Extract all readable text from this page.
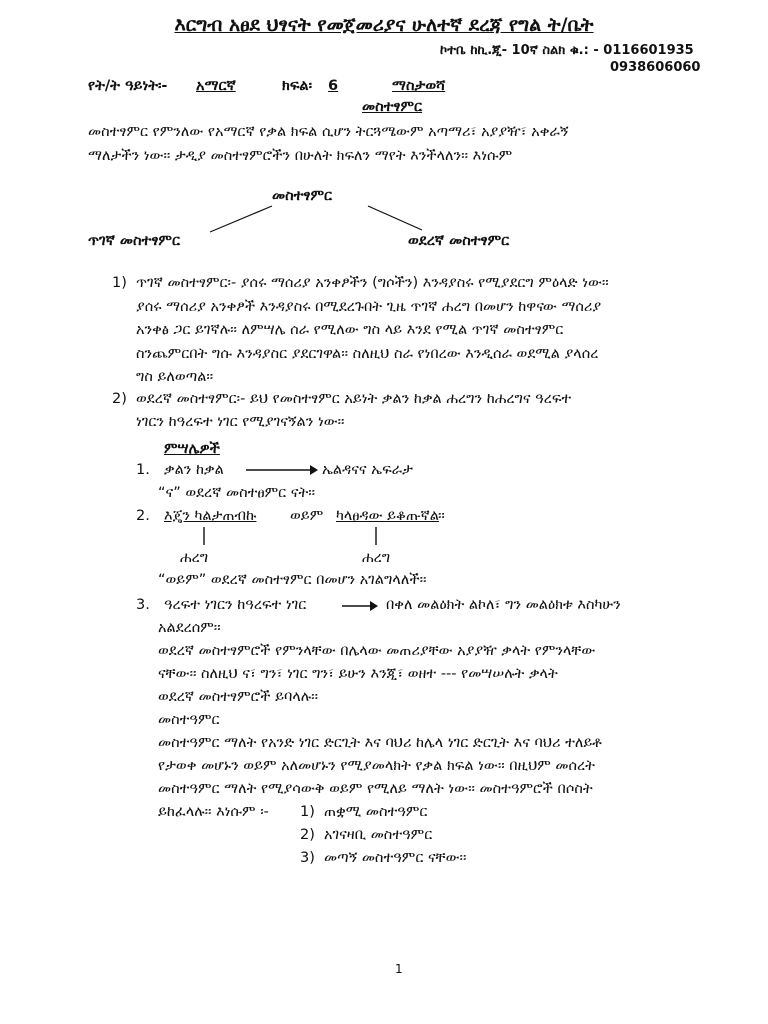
እርግብ አፀደ ህፃናት የመጀመሪያና ሁለተኛ ደረጃ የግል ት/ቤት
ኮተቤ ከኪ.ጂ- 10ኛ ስልክ ቁ.: - 0116601935
0938606060
የት/ት ዓይነት፡- አማርኛ	ክፍል፡ 6	ማስታወሻ
መስተፃምር
መስተፃምር የምንለው የአማርኛ የቃል ክፍል ሲሆን ትርጓሜውም አጣማሪ፣ አያያዥ፣ አቀራኝ
ማለታችን ነው፡፡ ታዲያ መስተፃምሮችን በሁለት ክፍለን ማየት እንችላለን፡፡ እነሱም
መስተፃምር
ጥገኛ መስተፃምር	ወደረኛ መስተፃምር
1) ጥገኛ መስተፃምር፡- ያሰሩ ማሰሪያ አንቀፆችን (ግሶችን) እንዳያስሩ የሚያደርግ ምዕላድ ነው፡፡
ያሰሩ ማሰሪያ አንቀፆች እንዳያስሩ በሚደረጉበት ጊዜ ጥገኛ ሐረግ በመሆን ከዋናው ማሰሪያ
አንቀፅ ጋር ይገኛሉ፡፡ ለምሣሌ ሰራ የሚለው ግስ ላይ እንደ የሚል ጥገኛ መስተፃምር
ስንጨምርበት ግሱ እንዳያስር ያደርገዋል፡፡ ስለዚህ ስራ የነበረው እንዲሰራ ወደሚል ያላሰረ
ግስ ይለወጣል፡፡
2) ወደረኛ መስተፃምር፡- ይህ የመስተፃምር አይነት ቃልን ከቃል ሐረግን ከሐረግና ዓረፍተ
ነገርን ከዓረፍተ ነገር የሚያገናኝልን ነው፡፡
ምሣሌዎች
1. ቃልን ከቃል	ኤልዳናና ኤፍራታ
“ና” ወደረኛ መስተፀምር ናት፡፡
2. እጄን ካልታጠብኩ ወይም ካላፀዳው ይቆጡኛል ፡፡
ሐረግ	ሐረግ
“ወይም” ወደረኛ መስተፃምር በመሆን አገልግላለች፡፡
3. ዓረፍተ ነገርን ከዓረፍተ ነገር	በቀለ መልዕክት ልኮለ፣ ግን መልዕክቱ እስካሁን
አልደረሰም፡፡
ወደረኛ መስተፃምሮች የምንላቸው በሌላው መጠሪያቸው አያያዥ ቃላት የምንላቸው
ናቸው፡፡ ስለዚህ ና፣ ግን፣ ነገር ግን፣ ይሁን እንጂ፣ ወዘተ --- የመሣሠሉት ቃላት
ወደረኛ መስተፃምሮች ይባላሉ፡፡
መስተዓምር
መስተዓምር ማለት የአንድ ነገር ድርጊት እና ባህሪ ከሌላ ነገር ድርጊት እና ባህሪ ተለይቶ
የታወቀ መሆኑን ወይም አለመሆኑን የሚያመላክት የቃል ክፍል ነው፡፡ በዚህም መሰረት
መስተዓምር ማለት የሚያሳውቅ ወይም የሚለይ ማለት ነው፡፡ መስተዓምሮች በሶስት
ይከፈላሉ፡፡ እነሱም ፡- 1) ጠቋሚ መስተዓምር
2) አገናዛቢ መስተዓምር
3) መጣኝ መስተዓምር ናቸው፡፡
1
